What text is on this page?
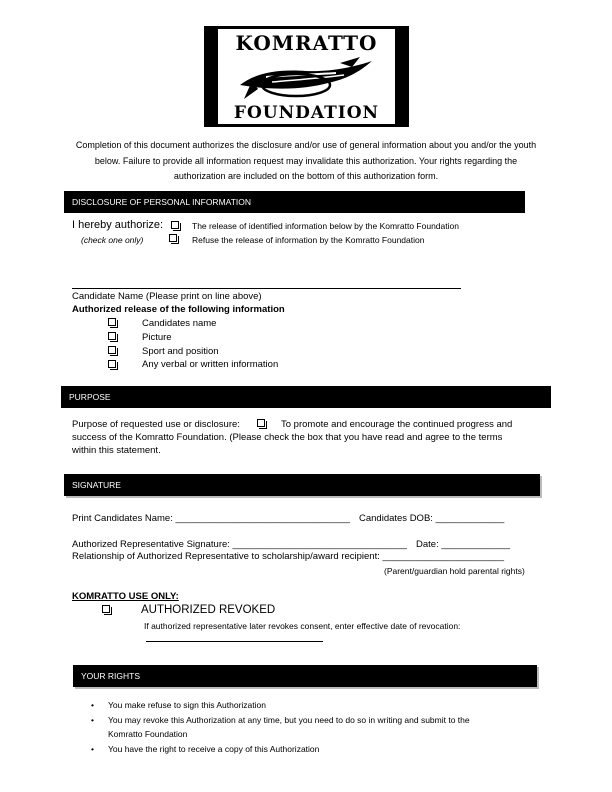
KOMRATTO
FOUNDATION
Completion of this document authorizes the disclosure and/or use of general information about you and/or the youth below. Failure to provide all information request may invalidate this authorization. Your rights regarding the authorization are included on the bottom of this authorization form.
DISCLOSURE OF PERSONAL INFORMATION
I hereby authorize:	The release of identified information below by the Komratto Foundation
(check one only)	Refuse the release of information by the Komratto Foundation
Candidate Name (Please print on line above)
Authorized release of the following information
Candidates name
Picture
Sport and position
Any verbal or written information
PURPOSE
Purpose of requested use or disclosure:	To promote and encourage the continued progress and
success of the Komratto Foundation. (Please check the box that you have read and agree to the terms
within this statement.
SIGNATURE
Print Candidates Name: _________________________________ Candidates DOB: _____________
Authorized Representative Signature: _________________________________ Date: _____________
Relationship of Authorized Representative to scholarship/award recipient: _______________________
(Parent/guardian hold parental rights)
KOMRATTO USE ONLY:
AUTHORIZED REVOKED
If authorized representative later revokes consent, enter effective date of revocation:
YOUR RIGHTS
• You make refuse to sign this Authorization
• You may revoke this Authorization at any time, but you need to do so in writing and submit to the
Komratto Foundation
• You have the right to receive a copy of this Authorization
